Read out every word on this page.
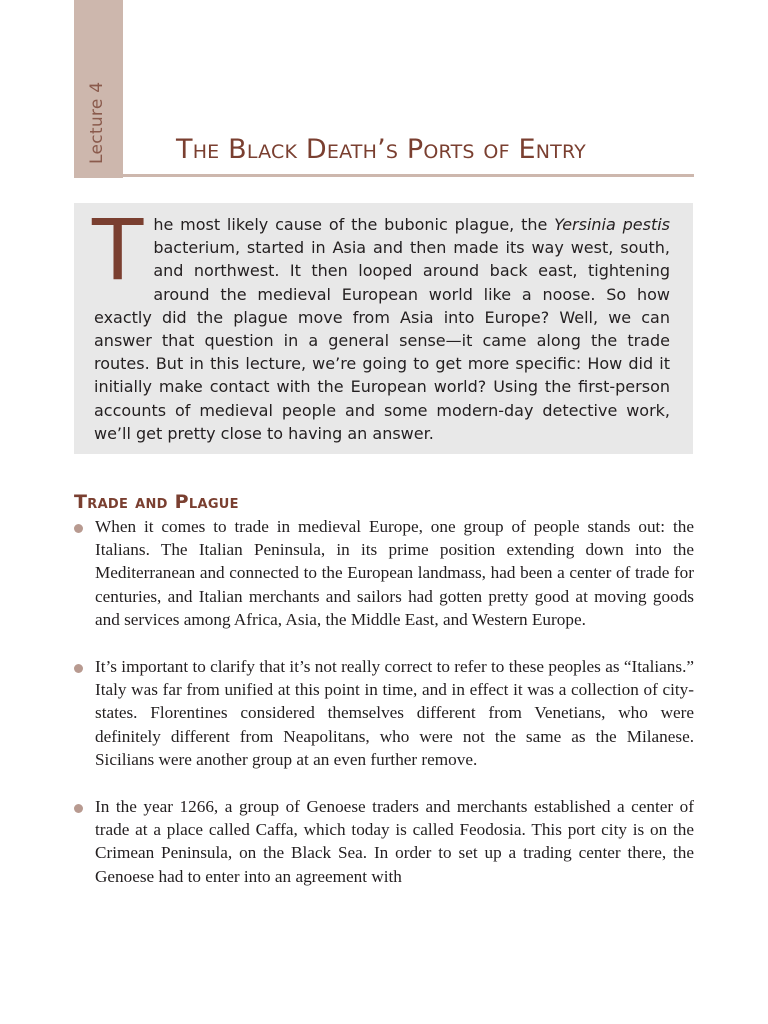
Lecture 4	The Black Death’s Ports of Entry

The most likely cause of the bubonic plague, the Yersinia pestis bacterium, started in Asia and then made its way west, south, and northwest. It then looped around back east, tightening around the medieval European world like a noose. So how exactly did the plague move from Asia into Europe? Well, we can answer that question in a general sense—it came along the trade routes. But in this lecture, we’re going to get more specific: How did it initially make contact with the European world? Using the first-person accounts of medieval people and some modern-day detective work, we’ll get pretty close to having an answer.

Trade and Plague

When it comes to trade in medieval Europe, one group of people stands out: the Italians. The Italian Peninsula, in its prime position extending down into the Mediterranean and connected to the European landmass, had been a center of trade for centuries, and Italian merchants and sailors had gotten pretty good at moving goods and services among Africa, Asia, the Middle East, and Western Europe.

It’s important to clarify that it’s not really correct to refer to these peoples as “Italians.” Italy was far from unified at this point in time, and in effect it was a collection of city-states. Florentines considered themselves different from Venetians, who were definitely different from Neapolitans, who were not the same as the Milanese. Sicilians were another group at an even further remove.

In the year 1266, a group of Genoese traders and merchants established a center of trade at a place called Caffa, which today is called Feodosia. This port city is on the Crimean Peninsula, on the Black Sea. In order to set up a trading center there, the Genoese had to enter into an agreement with
